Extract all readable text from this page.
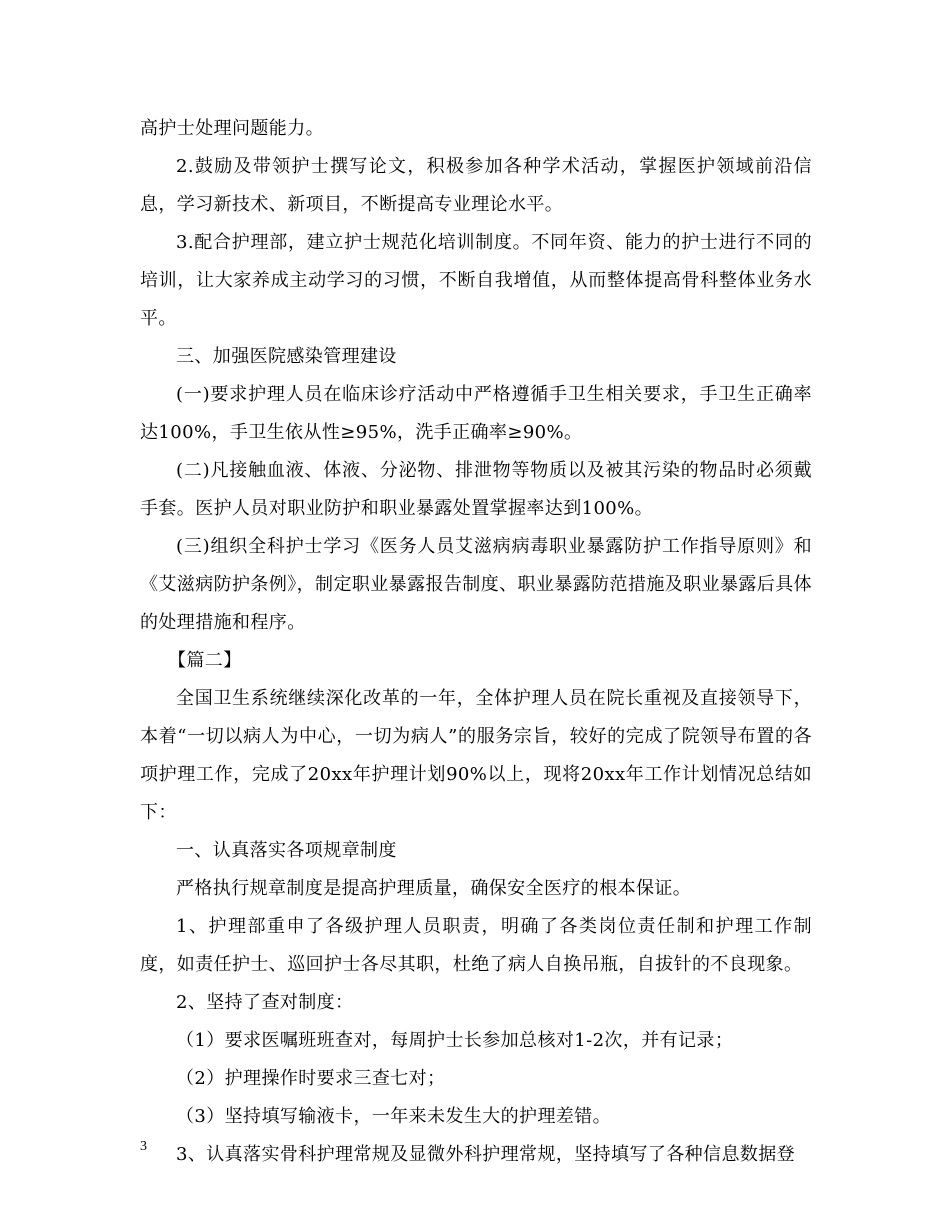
高护士处理问题能力。

2.鼓励及带领护士撰写论文，积极参加各种学术活动，掌握医护领域前沿信息，学习新技术、新项目，不断提高专业理论水平。

3.配合护理部，建立护士规范化培训制度。不同年资、能力的护士进行不同的培训，让大家养成主动学习的习惯，不断自我增值，从而整体提高骨科整体业务水平。

三、加强医院感染管理建设

(一)要求护理人员在临床诊疗活动中严格遵循手卫生相关要求，手卫生正确率达100%，手卫生依从性≥95%，洗手正确率≥90%。

(二)凡接触血液、体液、分泌物、排泄物等物质以及被其污染的物品时必须戴手套。医护人员对职业防护和职业暴露处置掌握率达到100%。

(三)组织全科护士学习《医务人员艾滋病病毒职业暴露防护工作指导原则》和《艾滋病防护条例》，制定职业暴露报告制度、职业暴露防范措施及职业暴露后具体的处理措施和程序。

【篇二】

全国卫生系统继续深化改革的一年，全体护理人员在院长重视及直接领导下，本着“一切以病人为中心，一切为病人”的服务宗旨，较好的完成了院领导布置的各项护理工作，完成了20xx年护理计划90%以上，现将20xx年工作计划情况总结如下：

一、认真落实各项规章制度

严格执行规章制度是提高护理质量，确保安全医疗的根本保证。

1、护理部重申了各级护理人员职责，明确了各类岗位责任制和护理工作制度，如责任护士、巡回护士各尽其职，杜绝了病人自换吊瓶，自拔针的不良现象。

2、坚持了查对制度：

（1）要求医嘱班班查对，每周护士长参加总核对1-2次，并有记录；

（2）护理操作时要求三查七对；

（3）坚持填写输液卡，一年来未发生大的护理差错。

3、认真落实骨科护理常规及显微外科护理常规，坚持填写了各种信息数据登

3
